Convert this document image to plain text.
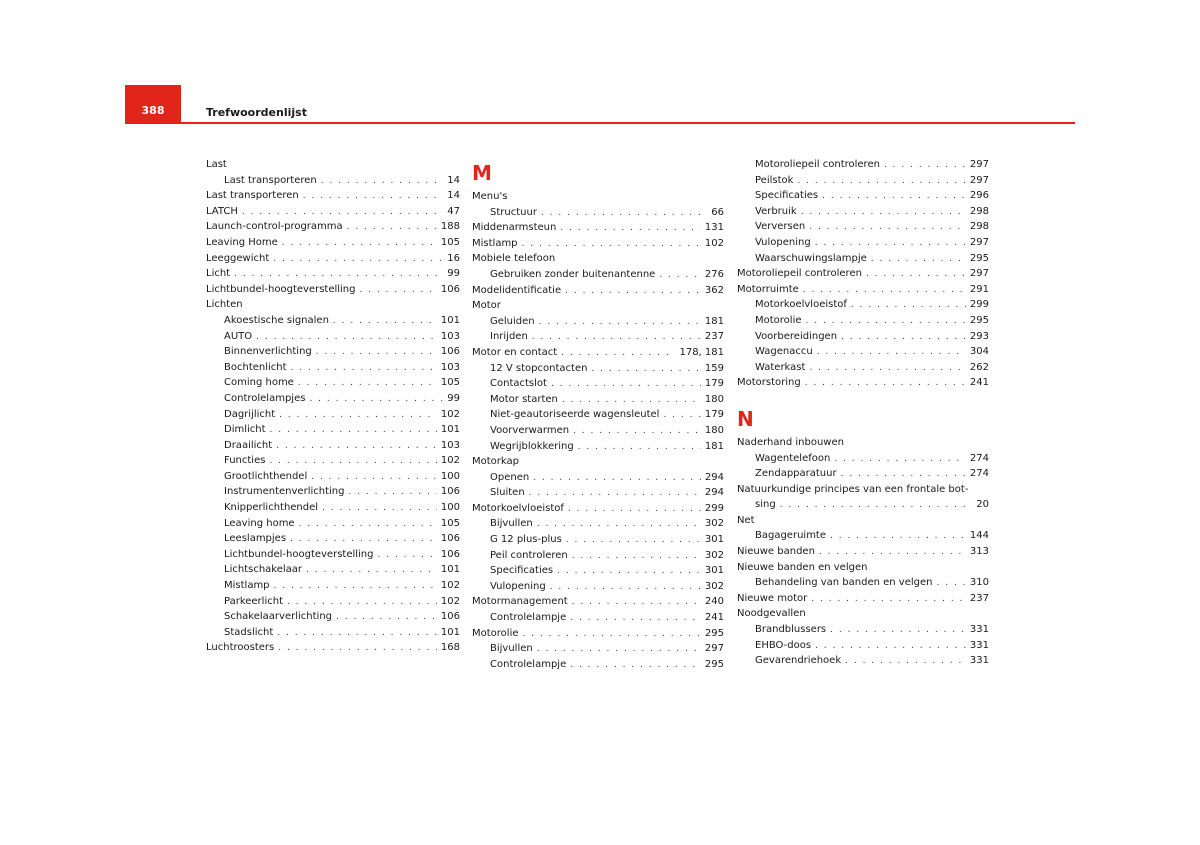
388	Trefwoordenlijst
Last
Last transporteren . . .	14
Last transporteren . . .	14
LATCH . . .	47
Launch-control-programma . . .	188
Leaving Home . . .	105
Leeggewicht . . .	16
Licht . . .	99
Lichtbundel-hoogteverstelling . . .	106
Lichten
Akoestische signalen . . .	101
AUTO . . .	103
Binnenverlichting . . .	106
Bochtenlicht . . .	103
Coming home . . .	105
Controlelampjes . . .	99
Dagrijlicht . . .	102
Dimlicht . . .	101
Draailicht . . .	103
Functies . . .	102
Grootlichthendel . . .	100
Instrumentenverlichting . . .	106
Knipperlichthendel . . .	100
Leaving home . . .	105
Leeslampjes . . .	106
Lichtbundel-hoogteverstelling . . .	106
Lichtschakelaar . . .	101
Mistlamp . . .	102
Parkeerlicht . . .	102
Schakelaarverlichting . . .	106
Stadslicht . . .	101
Luchtroosters . . .	168
M
Menu's
Structuur . . .	66
Middenarmsteun . . .	131
Mistlamp . . .	102
Mobiele telefoon
Gebruiken zonder buitenantenne . . .	276
Modelidentificatie . . .	362
Motor
Geluiden . . .	181
Inrijden . . .	237
Motor en contact . . .	178, 181
12 V stopcontacten . . .	159
Contactslot . . .	179
Motor starten . . .	180
Niet-geautoriseerde wagensleutel . . .	179
Voorverwarmen . . .	180
Wegrijblokkering . . .	181
Motorkap
Openen . . .	294
Sluiten . . .	294
Motorkoelvloeistof . . .	299
Bijvullen . . .	302
G 12 plus-plus . . .	301
Peil controleren . . .	302
Specificaties . . .	301
Vulopening . . .	302
Motormanagement . . .	240
Controlelampje . . .	241
Motorolie . . .	295
Bijvullen . . .	297
Controlelampje . . .	295
Motoroliepeil controleren . . .	297
Peilstok . . .	297
Specificaties . . .	296
Verbruik . . .	298
Verversen . . .	298
Vulopening . . .	297
Waarschuwingslampje . . .	295
Motoroliepeil controleren . . .	297
Motorruimte . . .	291
Motorkoelvloeistof . . .	299
Motorolie . . .	295
Voorbereidingen . . .	293
Wagenaccu . . .	304
Waterkast . . .	262
Motorstoring . . .	241
N
Naderhand inbouwen
Wagentelefoon . . .	274
Zendapparatuur . . .	274
Natuurkundige principes van een frontale bot-
sing . . .	20
Net
Bagageruimte . . .	144
Nieuwe banden . . .	313
Nieuwe banden en velgen
Behandeling van banden en velgen . . .	310
Nieuwe motor . . .	237
Noodgevallen
Brandblussers . . .	331
EHBO-doos . . .	331
Gevarendriehoek . . .	331
